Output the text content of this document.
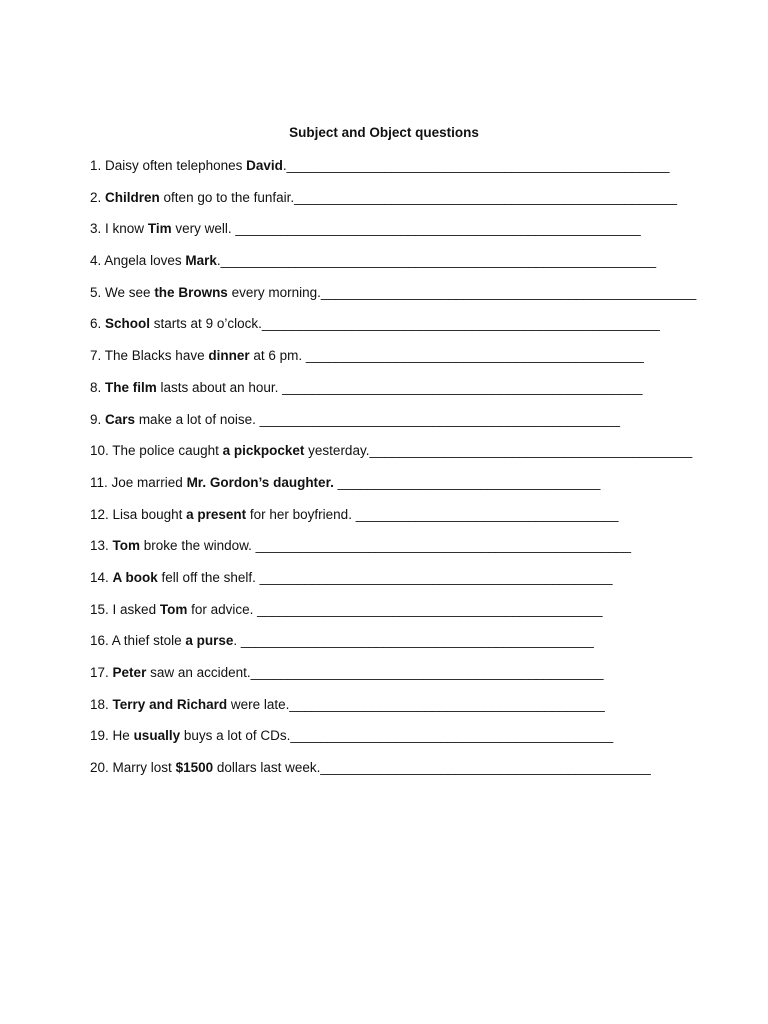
Subject and Object questions
1. Daisy often telephones David.___________________________________________________
2. Children often go to the funfair.___________________________________________________
3. I know Tim very well. ______________________________________________________
4. Angela loves Mark.__________________________________________________________
5. We see the Browns every morning.__________________________________________________
6. School starts at 9 o’clock._____________________________________________________
7. The Blacks have dinner at 6 pm. _____________________________________________
8. The film lasts about an hour. ________________________________________________
9. Cars make a lot of noise. ________________________________________________
10. The police caught a pickpocket yesterday.___________________________________________
11. Joe married Mr. Gordon’s daughter. ___________________________________
12. Lisa bought a present for her boyfriend. ___________________________________
13. Tom broke the window. __________________________________________________
14. A book fell off the shelf. _______________________________________________
15. I asked Tom for advice. ______________________________________________
16. A thief stole a purse. _______________________________________________
17. Peter saw an accident._______________________________________________
18. Terry and Richard were late.__________________________________________
19. He usually buys a lot of CDs.___________________________________________
20. Marry lost $1500 dollars last week.____________________________________________
